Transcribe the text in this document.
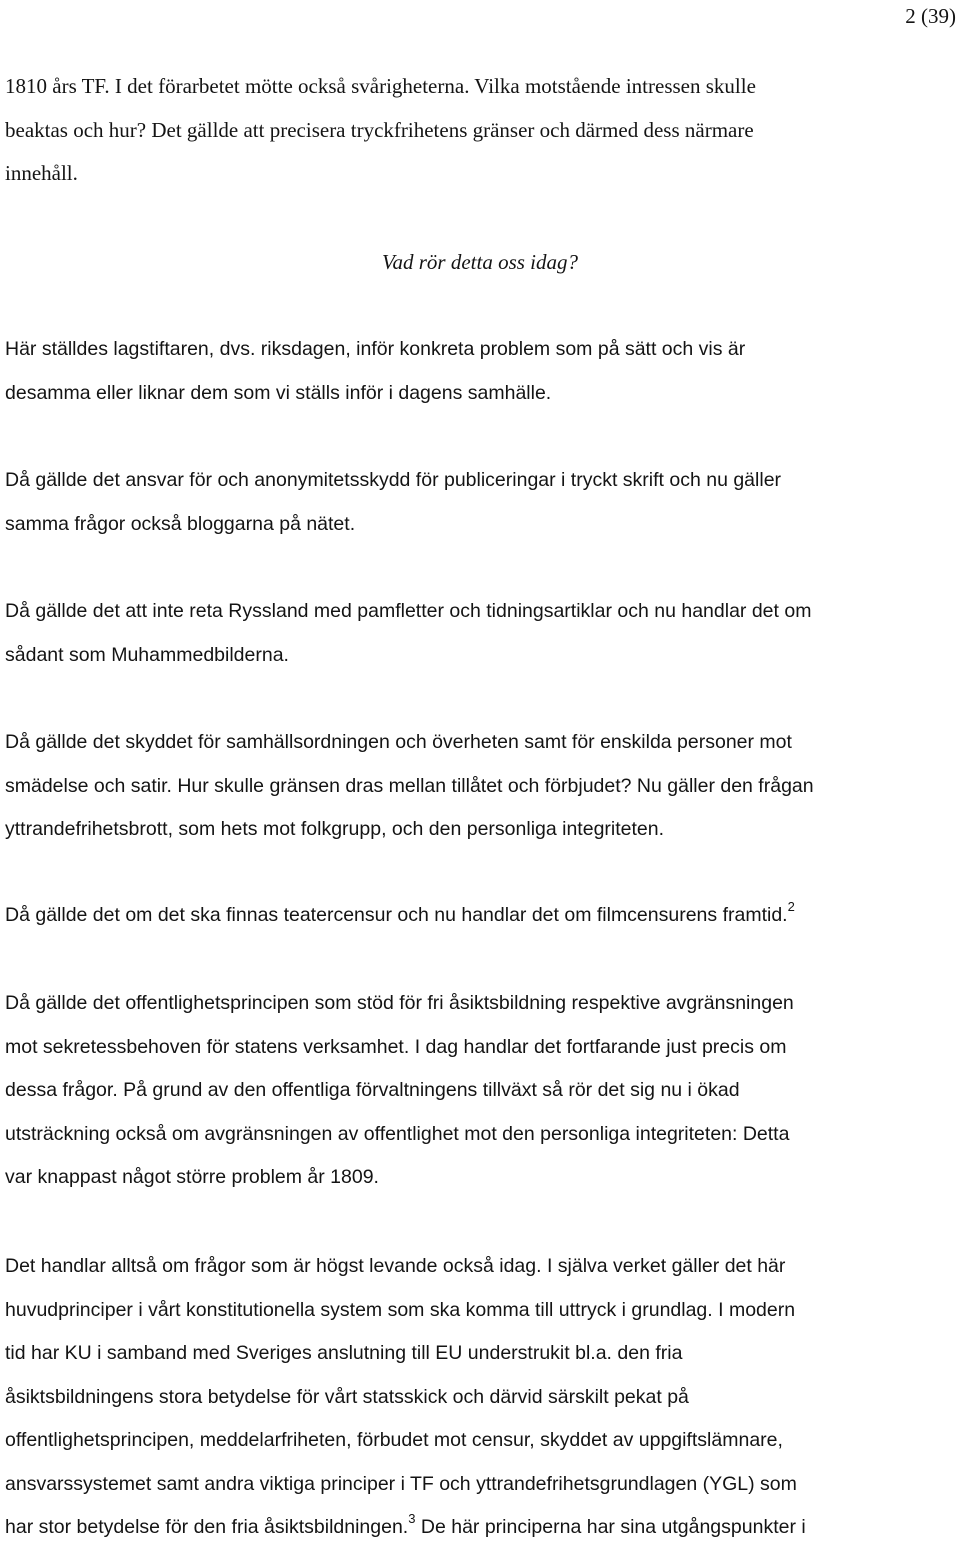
2 (39)

1810 års TF. I det förarbetet mötte också svårigheterna. Vilka motstående intressen skulle
beaktas och hur? Det gällde att precisera tryckfrihetens gränser och därmed dess närmare
innehåll.

Vad rör detta oss idag?

Här ställdes lagstiftaren, dvs. riksdagen, inför konkreta problem som på sätt och vis är
desamma eller liknar dem som vi ställs inför i dagens samhälle.

Då gällde det ansvar för och anonymitetsskydd för publiceringar i tryckt skrift och nu gäller
samma frågor också bloggarna på nätet.

Då gällde det att inte reta Ryssland med pamfletter och tidningsartiklar och nu handlar det om
sådant som Muhammedbilderna.

Då gällde det skyddet för samhällsordningen och överheten samt för enskilda personer mot
smädelse och satir. Hur skulle gränsen dras mellan tillåtet och förbjudet? Nu gäller den frågan
yttrandefrihetsbrott, som hets mot folkgrupp, och den personliga integriteten.

Då gällde det om det ska finnas teatercensur och nu handlar det om filmcensurens framtid.$^2$

Då gällde det offentlighetsprincipen som stöd för fri åsiktsbildning respektive avgränsningen
mot sekretessbehoven för statens verksamhet. I dag handlar det fortfarande just precis om
dessa frågor. På grund av den offentliga förvaltningens tillväxt så rör det sig nu i ökad
utsträckning också om avgränsningen av offentlighet mot den personliga integriteten: Detta
var knappast något större problem år 1809.

Det handlar alltså om frågor som är högst levande också idag. I själva verket gäller det här
huvudprinciper i vårt konstitutionella system som ska komma till uttryck i grundlag. I modern
tid har KU i samband med Sveriges anslutning till EU understrukit bl.a. den fria
åsiktsbildningens stora betydelse för vårt statsskick och därvid särskilt pekat på
offentlighetsprincipen, meddelarfriheten, förbudet mot censur, skyddet av uppgiftslämnare,
ansvarssystemet samt andra viktiga principer i TF och yttrandefrihetsgrundlagen (YGL) som
har stor betydelse för den fria åsiktsbildningen.$^3$ De här principerna har sina utgångspunkter i
